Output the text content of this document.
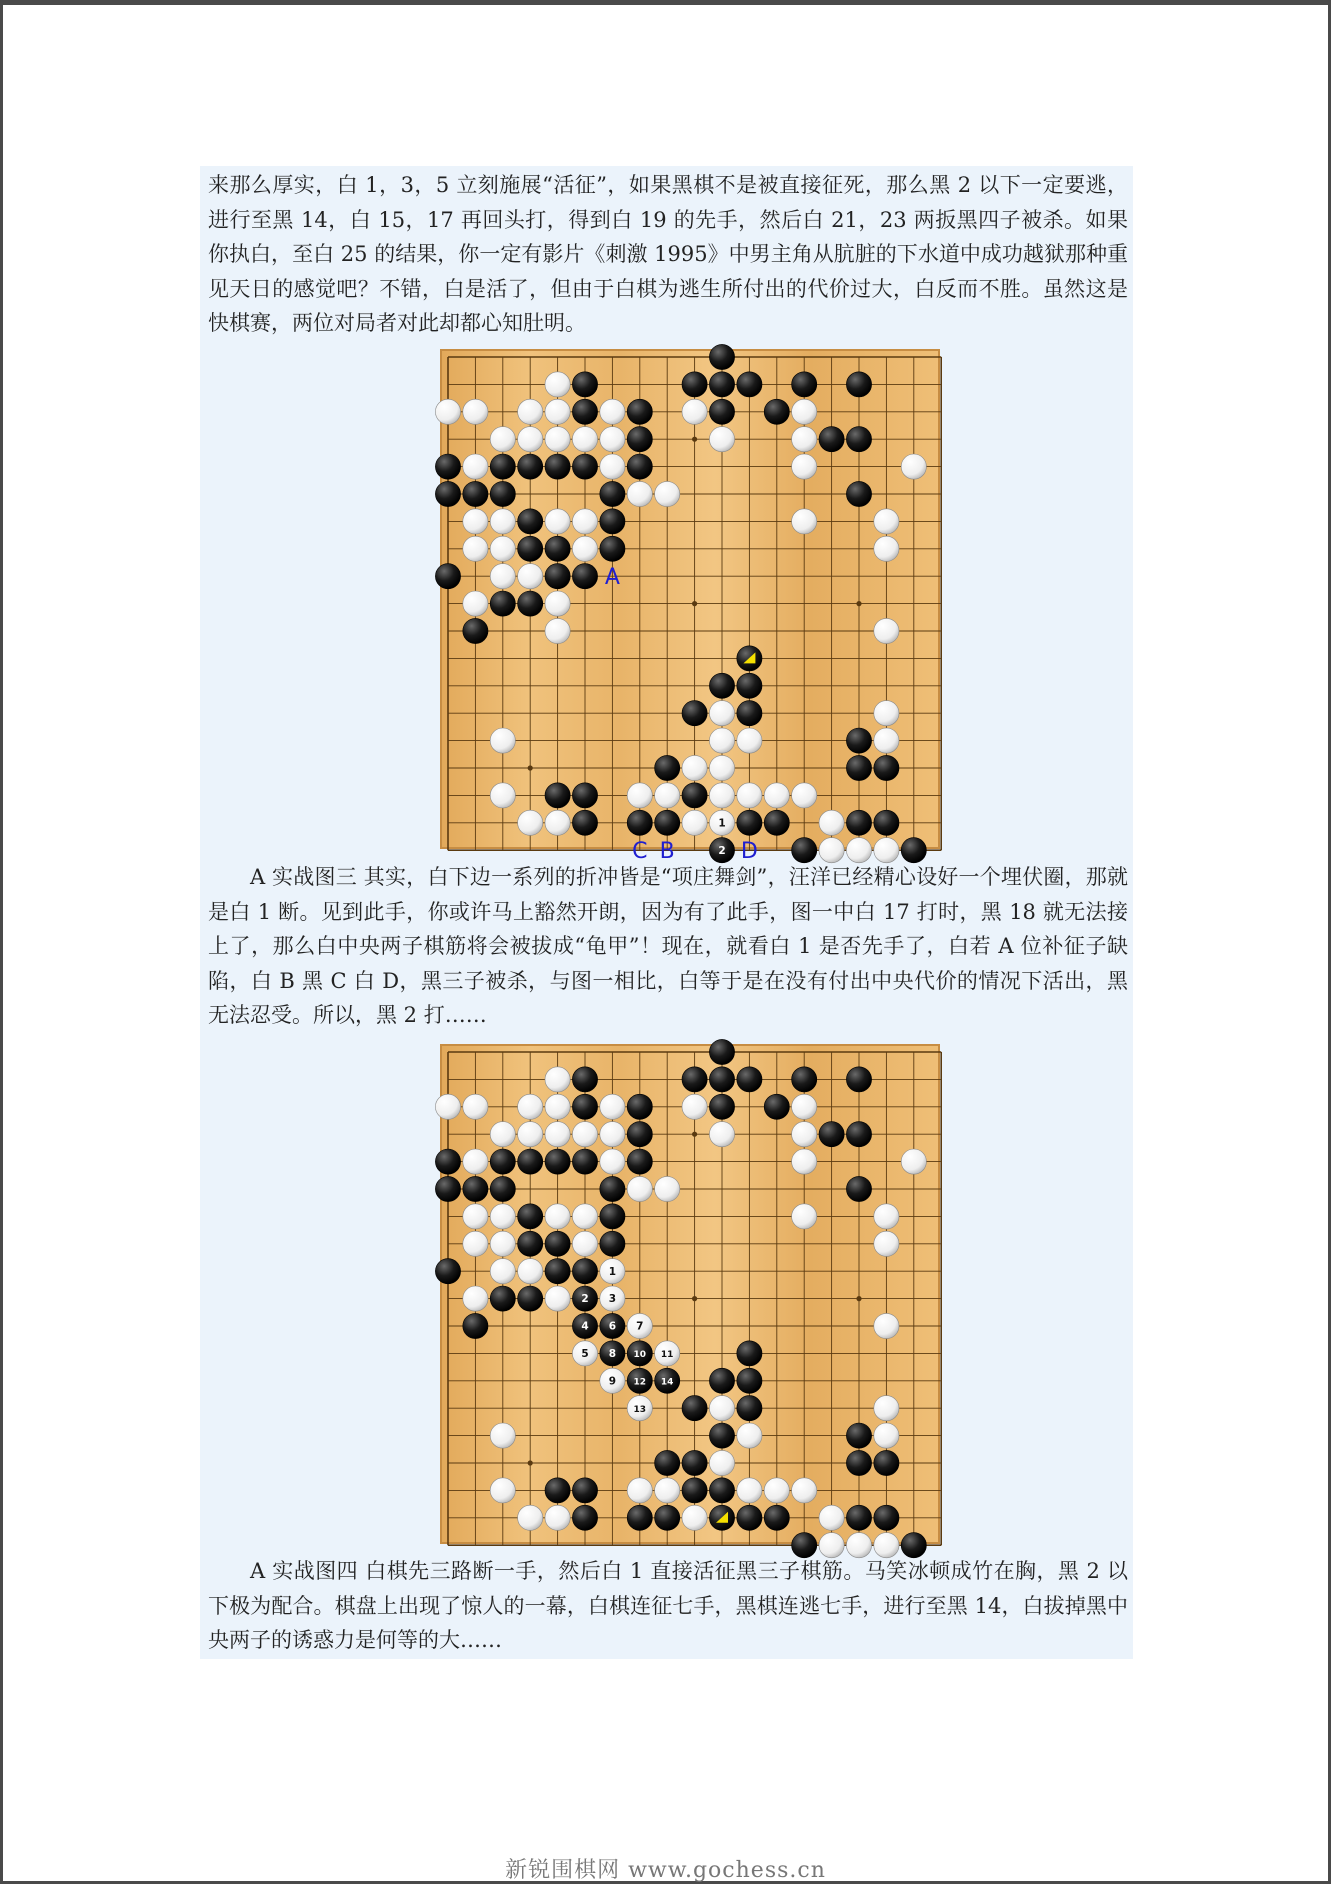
来那么厚实，白 1，3，5 立刻施展“活征”，如果黑棋不是被直接征死，那么黑 2 以下一定要逃，进行至黑 14，白 15，17 再回头打，得到白 19 的先手，然后白 21，23 两扳黑四子被杀。如果你执白，至白 25 的结果，你一定有影片《刺激 1995》中男主角从肮脏的下水道中成功越狱那种重见天日的感觉吧？不错，白是活了，但由于白棋为逃生所付出的代价过大，白反而不胜。虽然这是快棋赛，两位对局者对此却都心知肚明。

1
2
A
C B	D

A 实战图三 其实，白下边一系列的折冲皆是“项庄舞剑”，汪洋已经精心设好一个埋伏圈，那就是白 1 断。见到此手，你或许马上豁然开朗，因为有了此手，图一中白 17 打时，黑 18 就无法接上了，那么白中央两子棋筋将会被拔成“龟甲”！现在，就看白 1 是否先手了，白若 A 位补征子缺陷，白 B 黑 C 白 D，黑三子被杀，与图一相比，白等于是在没有付出中央代价的情况下活出，黑无法忍受。所以，黑 2 打……

1
2 3
4
5
6 7
8
9
10 11
12
13
14

A 实战图四 白棋先三路断一手，然后白 1 直接活征黑三子棋筋。马笑冰顿成竹在胸，黑 2 以下极为配合。棋盘上出现了惊人的一幕，白棋连征七手，黑棋连逃七手，进行至黑 14，白拔掉黑中央两子的诱惑力是何等的大……

新锐围棋网 www.gochess.cn
